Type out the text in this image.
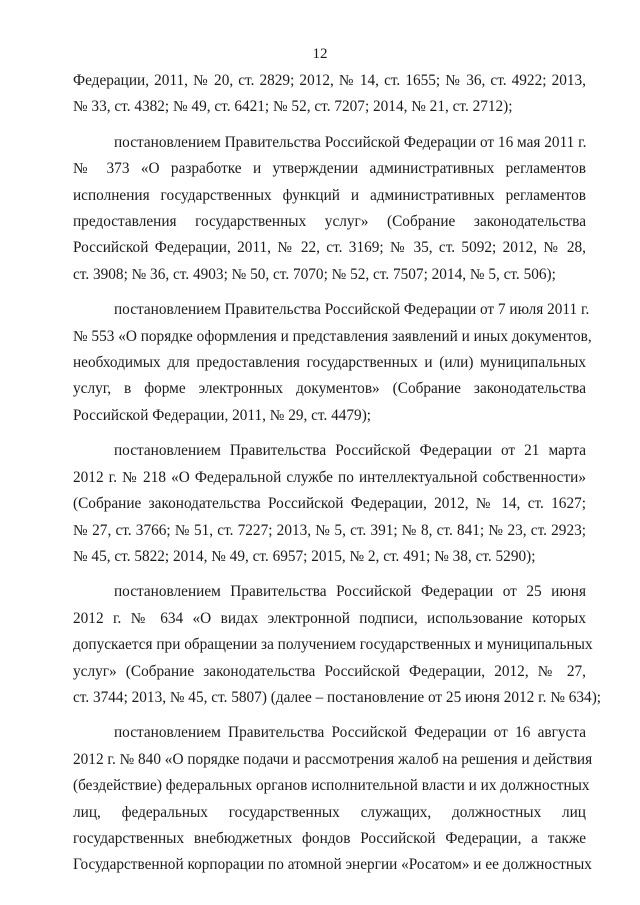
12
Федерации, 2011, № 20, ст. 2829; 2012, № 14, ст. 1655; № 36, ст. 4922; 2013,
№ 33, ст. 4382; № 49, ст. 6421; № 52, ст. 7207; 2014, № 21, ст. 2712);
постановлением Правительства Российской Федерации от 16 мая 2011 г.
№ 373 «О разработке и утверждении административных регламентов
исполнения государственных функций и административных регламентов
предоставления государственных услуг» (Собрание законодательства
Российской Федерации, 2011, № 22, ст. 3169; № 35, ст. 5092; 2012, № 28,
ст. 3908; № 36, ст. 4903; № 50, ст. 7070; № 52, ст. 7507; 2014, № 5, ст. 506);
постановлением Правительства Российской Федерации от 7 июля 2011 г.
№ 553 «О порядке оформления и представления заявлений и иных документов,
необходимых для предоставления государственных и (или) муниципальных
услуг, в форме электронных документов» (Собрание законодательства
Российской Федерации, 2011, № 29, ст. 4479);
постановлением Правительства Российской Федерации от 21 марта
2012 г. № 218 «О Федеральной службе по интеллектуальной собственности»
(Собрание законодательства Российской Федерации, 2012, № 14, ст. 1627;
№ 27, ст. 3766; № 51, ст. 7227; 2013, № 5, ст. 391; № 8, ст. 841; № 23, ст. 2923;
№ 45, ст. 5822; 2014, № 49, ст. 6957; 2015, № 2, ст. 491; № 38, ст. 5290);
постановлением Правительства Российской Федерации от 25 июня
2012 г. № 634 «О видах электронной подписи, использование которых
допускается при обращении за получением государственных и муниципальных
услуг» (Собрание законодательства Российской Федерации, 2012, № 27,
ст. 3744; 2013, № 45, ст. 5807) (далее – постановление от 25 июня 2012 г. № 634);
постановлением Правительства Российской Федерации от 16 августа
2012 г. № 840 «О порядке подачи и рассмотрения жалоб на решения и действия
(бездействие) федеральных органов исполнительной власти и их должностных
лиц, федеральных государственных служащих, должностных лиц
государственных внебюджетных фондов Российской Федерации, а также
Государственной корпорации по атомной энергии «Росатом» и ее должностных
